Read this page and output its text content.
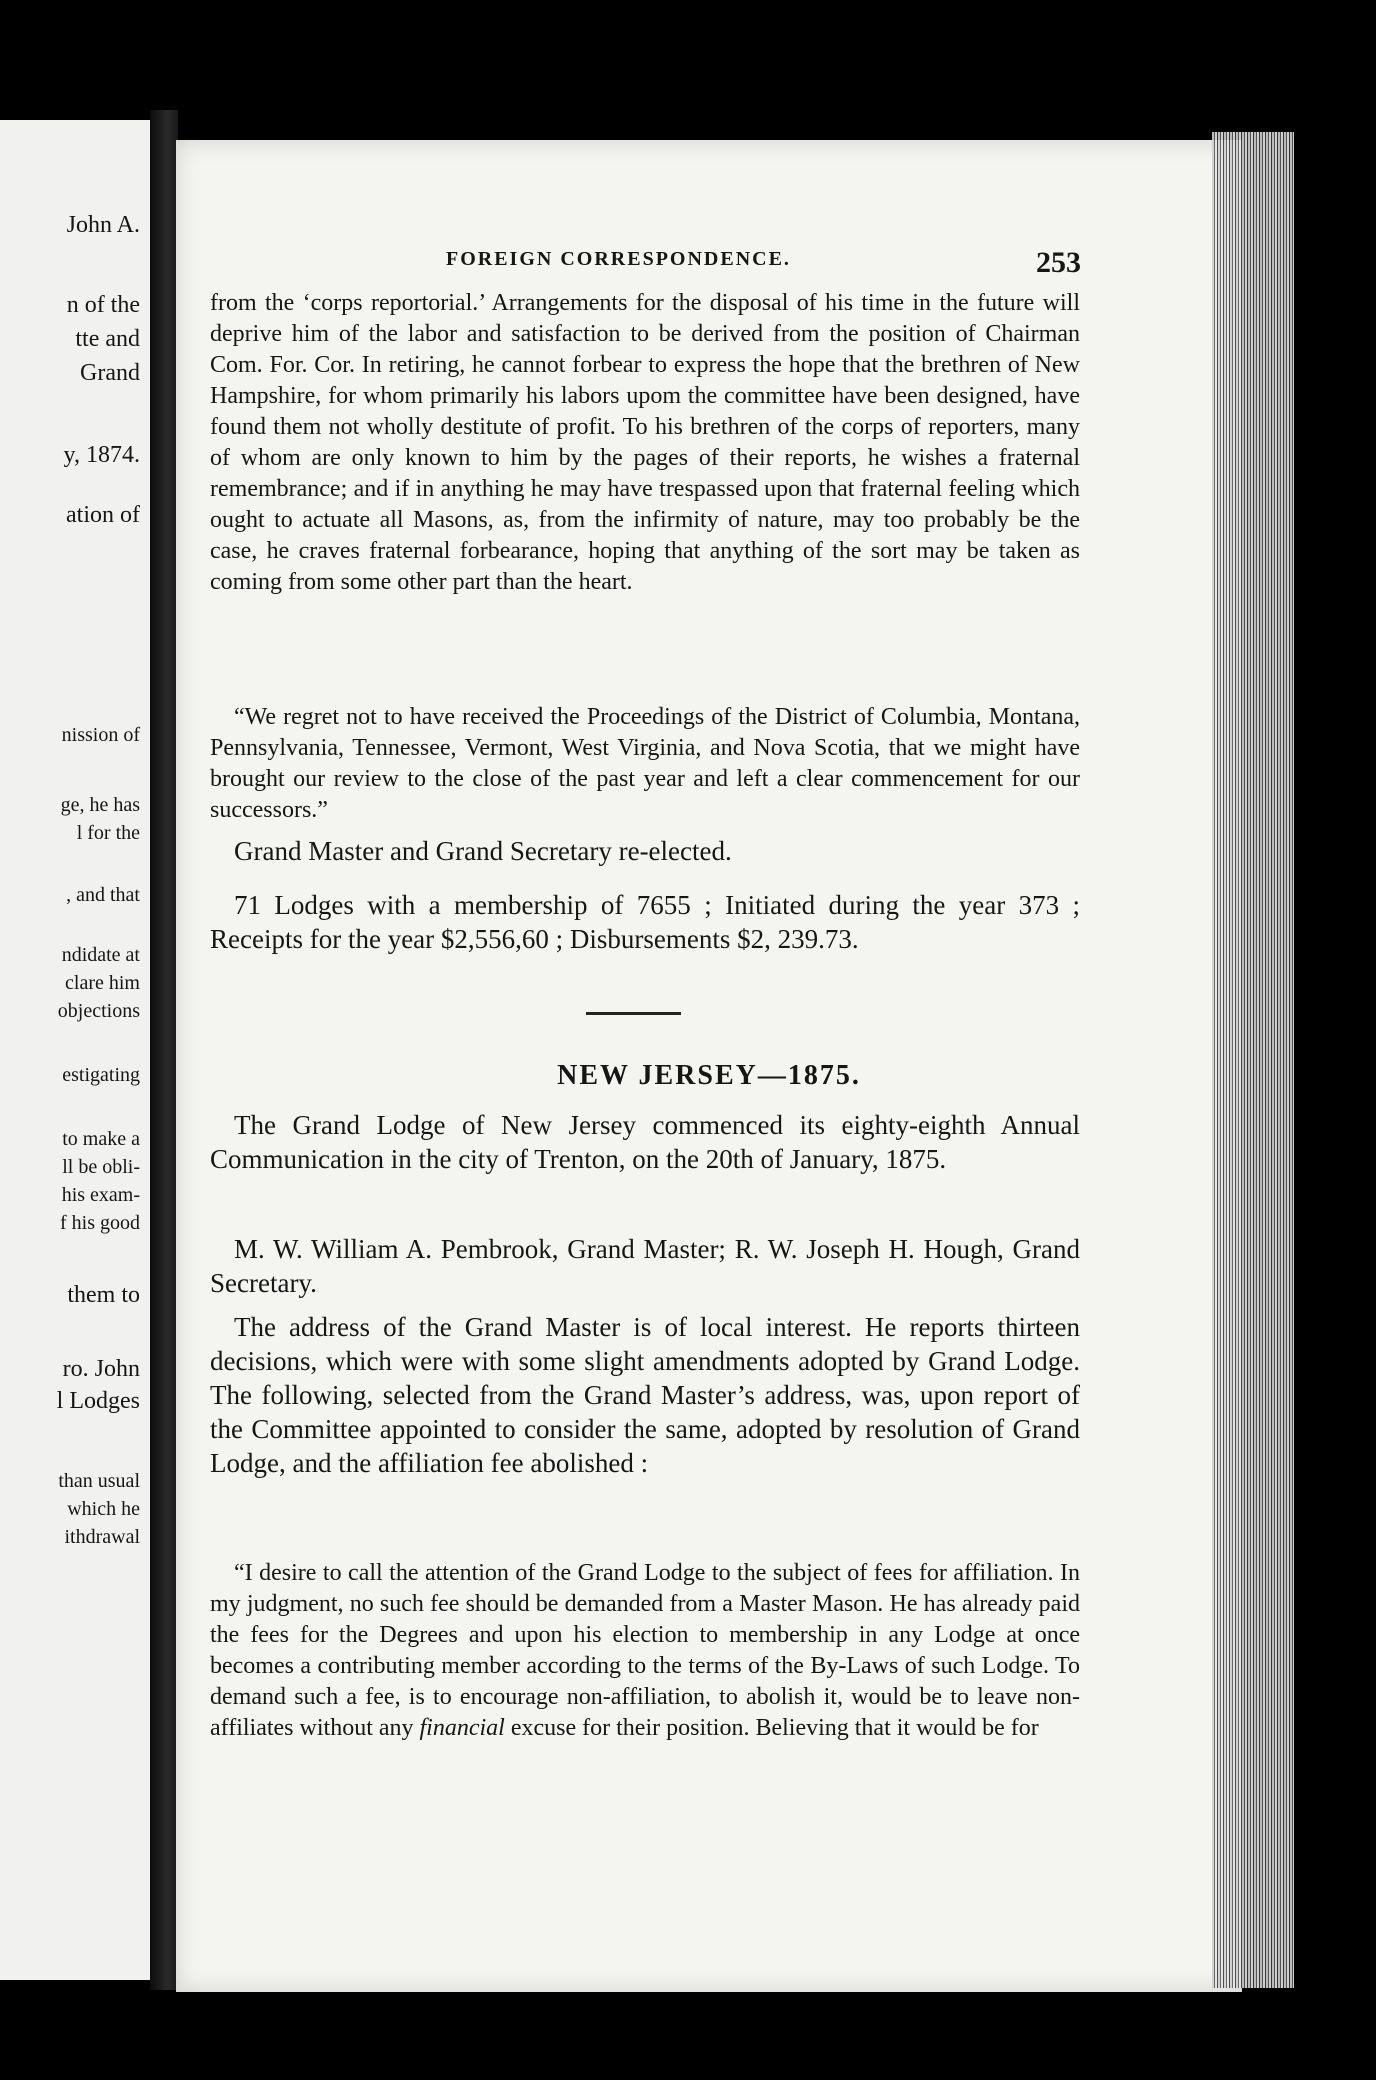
John A.
n of the
tte and
Grand
y, 1874.
ation of
nission of
ge, he has
l for the
, and that
ndidate at
clare him
objections
estigating
to make a
ll be obli-
his exam-
f his good
them to
ro. John
l Lodges
than usual
which he
ithdrawal
FOREIGN CORRESPONDENCE.	253

from the ‘corps reportorial.’ Arrangements for the disposal of his time in the future will deprive him of the labor and satisfaction to be derived from the position of Chairman Com. For. Cor. In retiring, he cannot forbear to express the hope that the brethren of New Hampshire, for whom primarily his labors upom the committee have been designed, have found them not wholly destitute of profit. To his brethren of the corps of reporters, many of whom are only known to him by the pages of their reports, he wishes a fraternal remembrance; and if in anything he may have trespassed upon that fraternal feeling which ought to actuate all Masons, as, from the infirmity of nature, may too probably be the case, he craves fraternal forbearance, hoping that anything of the sort may be taken as coming from some other part than the heart.

“We regret not to have received the Proceedings of the District of Columbia, Montana, Pennsylvania, Tennessee, Vermont, West Virginia, and Nova Scotia, that we might have brought our review to the close of the past year and left a clear commencement for our successors.”

Grand Master and Grand Secretary re-elected.

71 Lodges with a membership of 7655 ; Initiated during the year 373 ; Receipts for the year $2,556,60 ; Disbursements $2, 239.73.

NEW JERSEY—1875.

The Grand Lodge of New Jersey commenced its eighty-eighth Annual Communication in the city of Trenton, on the 20th of January, 1875.

M. W. William A. Pembrook, Grand Master; R. W. Joseph H. Hough, Grand Secretary.

The address of the Grand Master is of local interest. He reports thirteen decisions, which were with some slight amendments adopted by Grand Lodge. The following, selected from the Grand Master’s address, was, upon report of the Committee appointed to consider the same, adopted by resolution of Grand Lodge, and the affiliation fee abolished :

“I desire to call the attention of the Grand Lodge to the subject of fees for affiliation. In my judgment, no such fee should be demanded from a Master Mason. He has already paid the fees for the Degrees and upon his election to membership in any Lodge at once becomes a contributing member according to the terms of the By-Laws of such Lodge. To demand such a fee, is to encourage non-affiliation, to abolish it, would be to leave non-affiliates without any financial excuse for their position. Believing that it would be for
